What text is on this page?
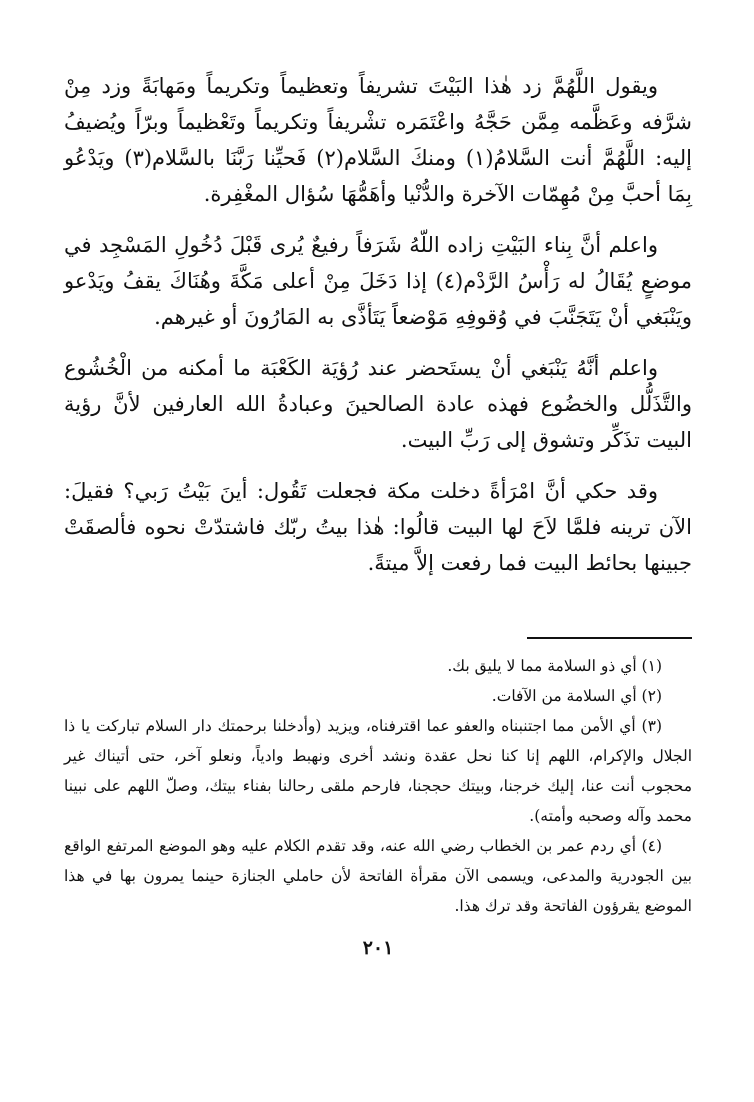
ويقول اللَّهُمَّ زد هٰذا البَيْتَ تشريفاً وتعظيماً وتكريماً ومَهابَةً وزد مِنْ شرَّفه وعَظَّمه مِمَّن حَجَّهُ واعْتَمَره تشْريفاً وتكريماً وتَعْظيماً وبرّاً ويُضيفُ إليه: اللَّهُمَّ أنت السَّلامُ(١) ومنكَ السَّلام(٢) فَحيِّنا رَبَّنَا بالسَّلام(٣) ويَدْعُو بِمَا أحبَّ مِنْ مُهِمّات الآخرة والدُّنْيا وأهَمُّهَا سُؤال المغْفِرة.

واعلم أنَّ بِناء البَيْتِ زاده اللّهُ شَرَفاً رفيعٌ يُرى قَبْلَ دُخُولِ المَسْجِد في موضعٍ يُقَالُ له رَأْسُ الرَّدْم(٤) إذا دَخَلَ مِنْ أعلى مَكَّةَ وهُنَاكَ يقفُ ويَدْعو ويَنْبَغي أنْ يَتَجَنَّبَ في وُقوفِهِ مَوْضعاً يَتَأذَّى به المَارُونَ أو غيرهم.

واعلم أنَّهُ يَنْبَغي أنْ يستَحضر عند رُؤيَة الكَعْبَة ما أمكنه من الْخُشُوع والتَّذَلُّل والخضُوع فهذه عادة الصالحينَ وعبادةُ الله العارفين لأنَّ رؤية البيت تذَكِّر وتشوق إلى رَبِّ البيت.

وقد حكي أنَّ امْرَأةً دخلت مكة فجعلت تَقُول: أينَ بَيْتُ رَبي؟ فقيلَ: الآن ترينه فلمَّا لاَحَ لها البيت قالُوا: هٰذا بيتُ ربّك فاشتدّتْ نحوه فألصقَتْ جبينها بحائط البيت فما رفعت إلاَّ ميتةً.

(١) أي ذو السلامة مما لا يليق بك.

(٢) أي السلامة من الآفات.

(٣) أي الأمن مما اجتنبناه والعفو عما اقترفناه، ويزيد (وأدخلنا برحمتك دار السلام تباركت يا ذا الجلال والإكرام، اللهم إنا كنا نحل عقدة ونشد أخرى ونهبط وادياً، ونعلو آخر، حتى أتيناك غير محجوب أنت عنا، إليك خرجنا، وبيتك حججنا، فارحم ملقى رحالنا بفناء بيتك، وصلّ اللهم على نبينا محمد وآله وصحبه وأمته).

(٤) أي ردم عمر بن الخطاب رضي الله عنه، وقد تقدم الكلام عليه وهو الموضع المرتفع الواقع بين الجودرية والمدعى، ويسمى الآن مقرأة الفاتحة لأن حاملي الجنازة حينما يمرون بها في هذا الموضع يقرؤون الفاتحة وقد ترك هذا.

٢٠١
